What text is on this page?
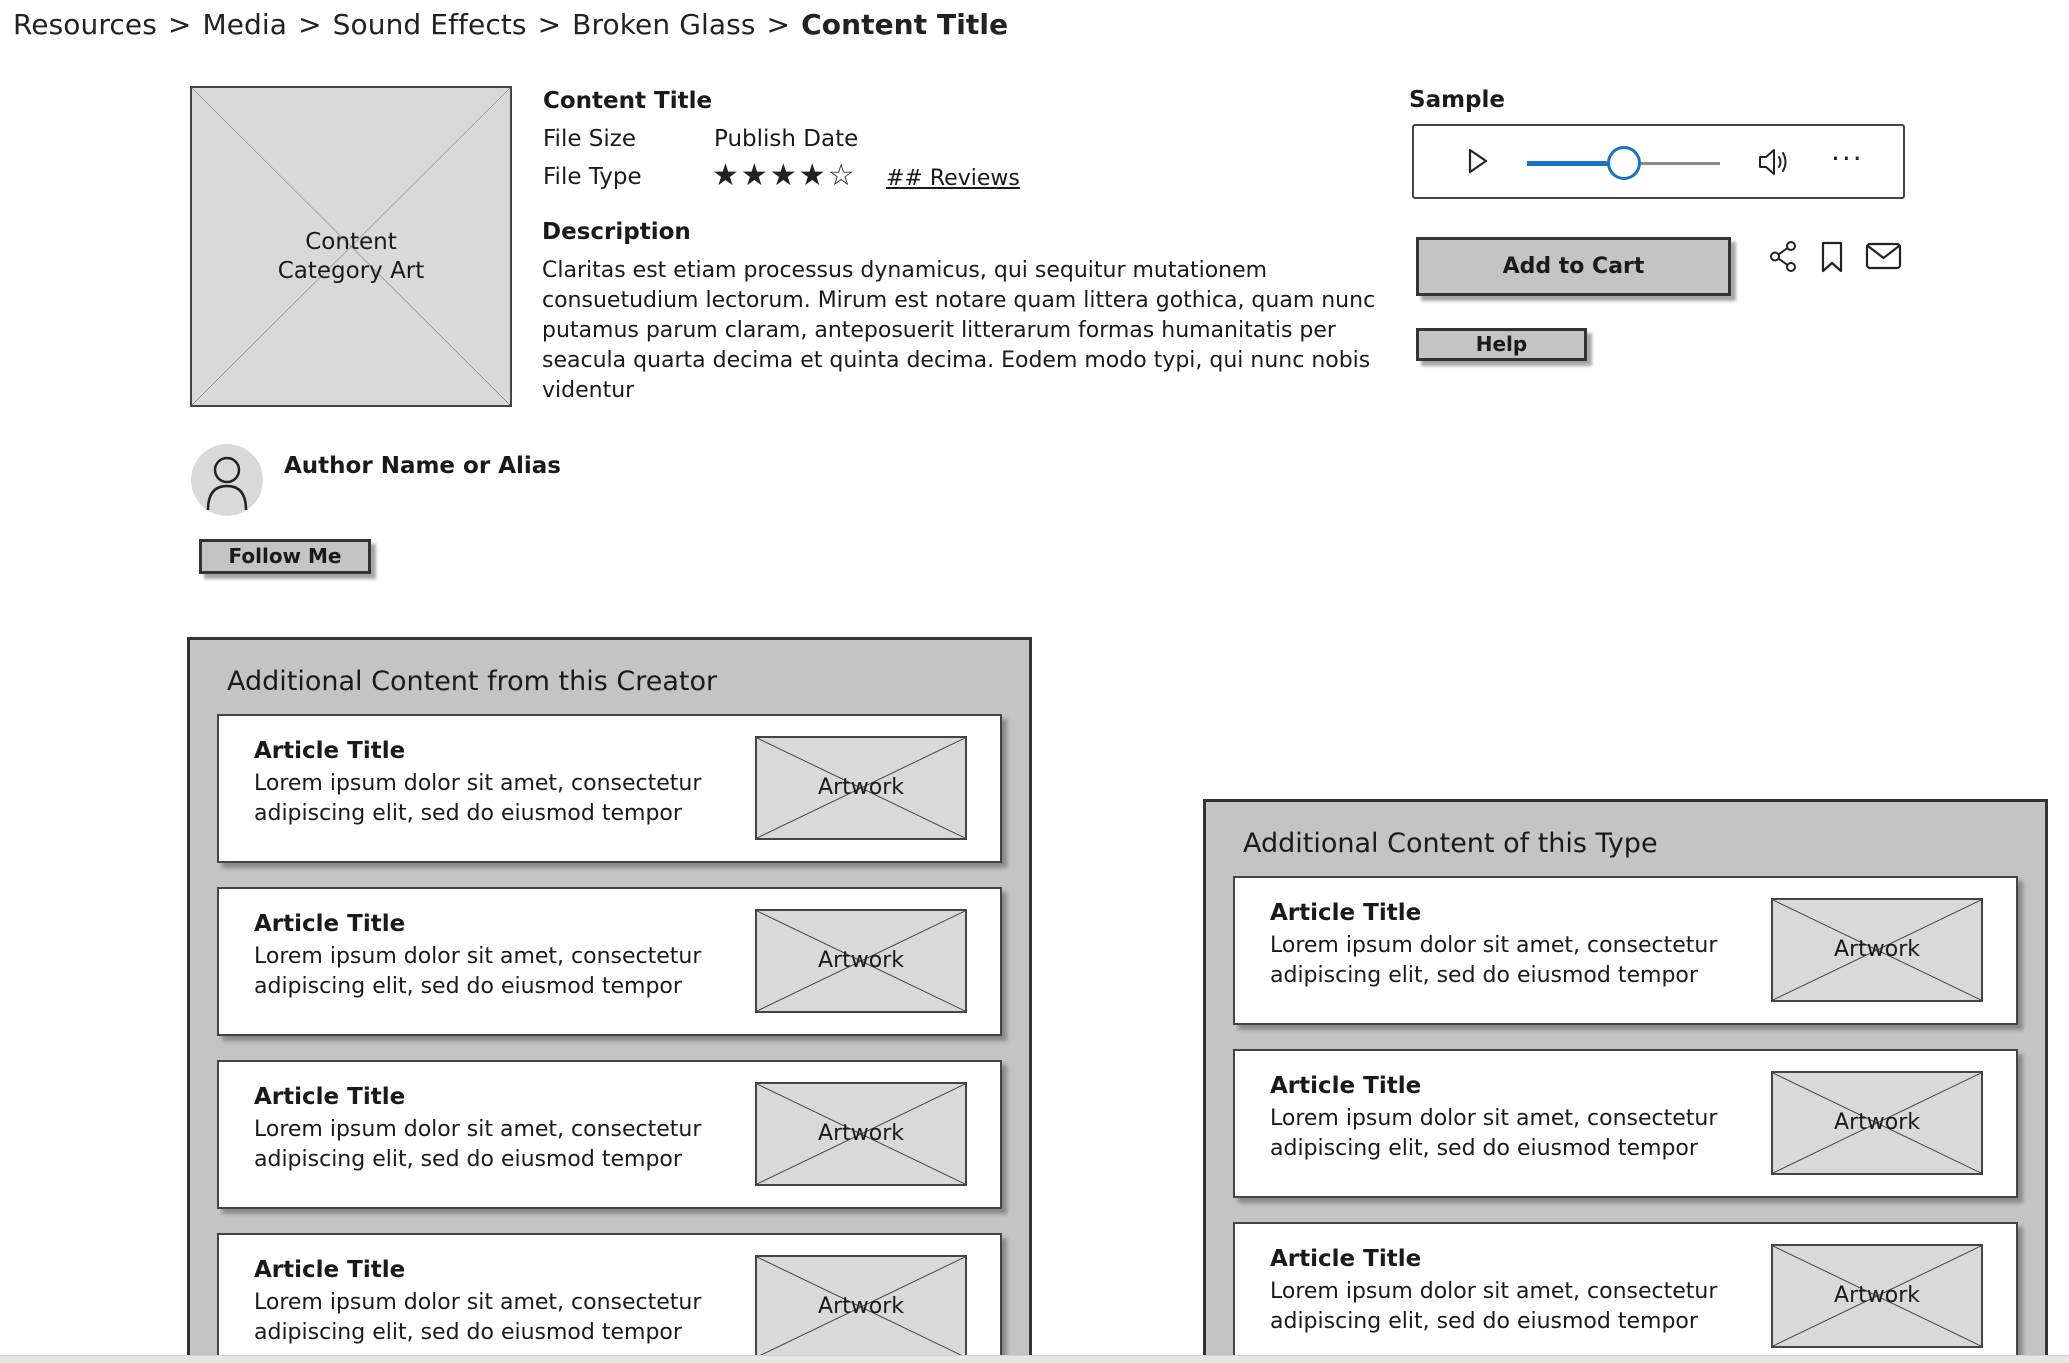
Resources > Media > Sound Effects > Broken Glass > Content Title
Content Category Art
Content Title
File Size	Publish Date
File Type ★★★★☆ ## Reviews
Description
Claritas est etiam processus dynamicus, qui sequitur mutationem consuetudium lectorum. Mirum est notare quam littera gothica, quam nunc putamus parum claram, anteposuerit litterarum formas humanitatis per seacula quarta decima et quinta decima. Eodem modo typi, qui nunc nobis videntur
Sample
···
Add to Cart
Help
Author Name or Alias
Follow Me
Additional Content from this Creator
Article Title
Lorem ipsum dolor sit amet, consectetur adipiscing elit, sed do eiusmod tempor
Artwork
Article Title
Lorem ipsum dolor sit amet, consectetur adipiscing elit, sed do eiusmod tempor
Artwork
Article Title
Lorem ipsum dolor sit amet, consectetur adipiscing elit, sed do eiusmod tempor
Artwork
Article Title
Lorem ipsum dolor sit amet, consectetur adipiscing elit, sed do eiusmod tempor
Artwork
Additional Content of this Type
Article Title
Lorem ipsum dolor sit amet, consectetur adipiscing elit, sed do eiusmod tempor
Artwork
Article Title
Lorem ipsum dolor sit amet, consectetur adipiscing elit, sed do eiusmod tempor
Artwork
Article Title
Lorem ipsum dolor sit amet, consectetur adipiscing elit, sed do eiusmod tempor
Artwork
